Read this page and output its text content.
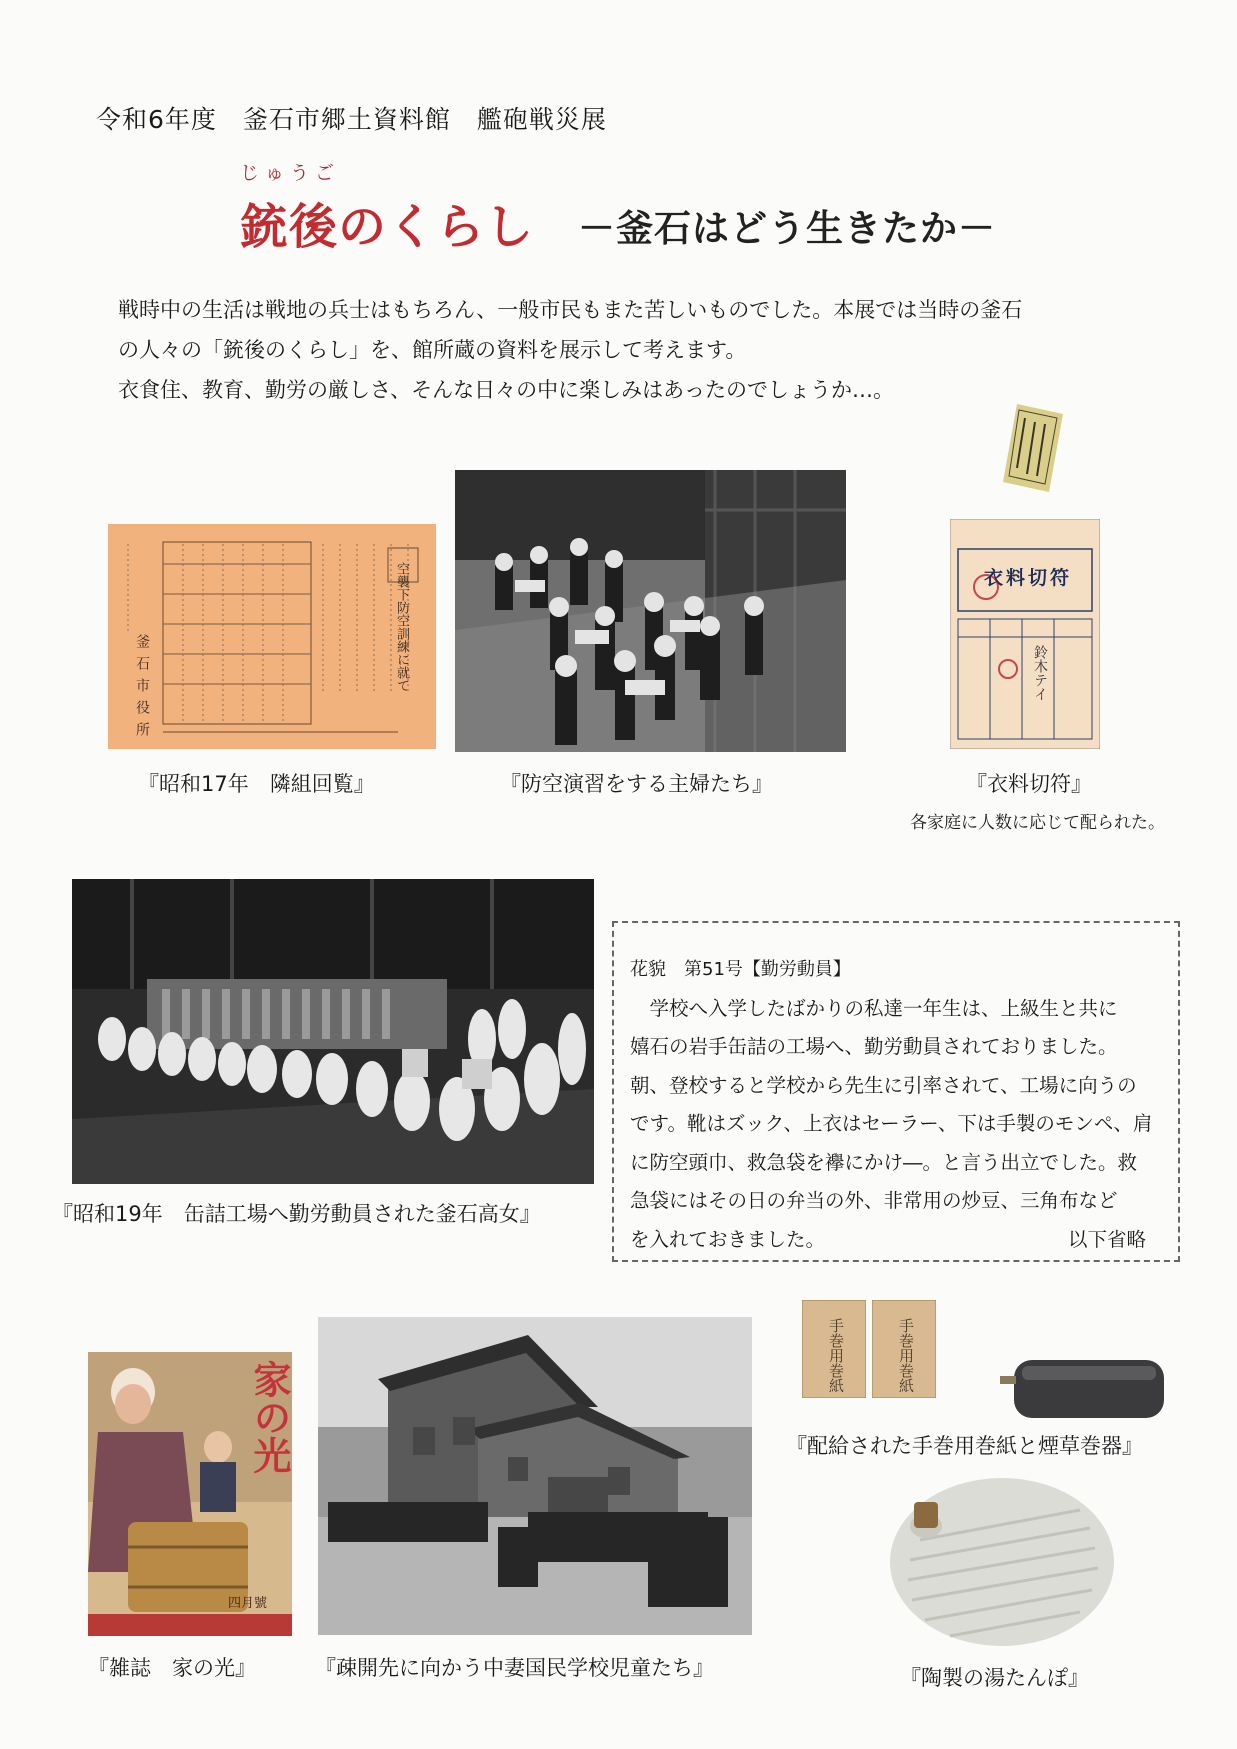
令和6年度　釜石市郷土資料館　艦砲戦災展
じゅうご
銃後のくらし －釜石はどう生きたか－
戦時中の生活は戦地の兵士はもちろん、一般市民もまた苦しいものでした。本展では当時の釜石
の人々の「銃後のくらし」を、館所蔵の資料を展示して考えます。
衣食住、教育、勤労の厳しさ、そんな日々の中に楽しみはあったのでしょうか…。
空襲下防空訓練に就て
釜石市役所
『昭和17年　隣組回覧』	『防空演習をする主婦たち』
衣料切符
鈴木テイ
『衣料切符』
各家庭に人数に応じて配られた。
『昭和19年　缶詰工場へ勤労動員された釜石高女』
花貌　第51号【勤労動員】
　学校へ入学したばかりの私達一年生は、上級生と共に
嬉石の岩手缶詰の工場へ、勤労動員されておりました。
朝、登校すると学校から先生に引率されて、工場に向うの
です。靴はズック、上衣はセーラー、下は手製のモンペ、肩
に防空頭巾、救急袋を襷にかけ―。と言う出立でした。救
急袋にはその日の弁当の外、非常用の炒豆、三角布など
を入れておきました。	以下省略
家の光
四月號
『雑誌　家の光』	『疎開先に向かう中妻国民学校児童たち』
手巻用巻紙	手巻用巻紙
『配給された手巻用巻紙と煙草巻器』
『陶製の湯たんぽ』
